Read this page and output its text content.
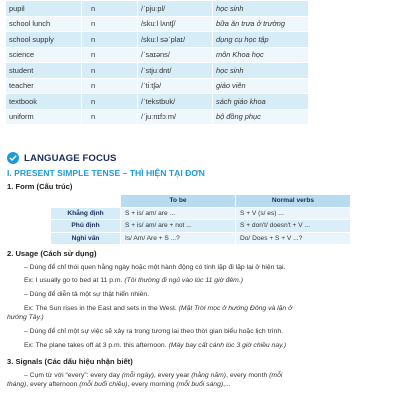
pupil	n	/ˈpjuːpl/	học sinh
school lunch	n	/skuːl lʌntʃ/	bữa ăn trưa ở trường
school supply	n	/skuːl səˈplaɪ/	dụng cụ học tập
science	n	/ˈsaɪəns/	môn Khoa học
student	n	/ˈstjuːdnt/	học sinh
teacher	n	/ˈtiːtʃə/	giáo viên
textbook	n	/ˈtekstbʊk/	sách giáo khoa
uniform	n	/ˈjuːnɪfɔːm/	bộ đồng phục
LANGUAGE FOCUS
I. PRESENT SIMPLE TENSE – THÌ HIỆN TẠI ĐƠN
1. Form (Cấu trúc)
	To be	Normal verbs
Khẳng định	S + is/ am/ are ...	S + V (s/ es) ...
Phủ định	S + is/ am/ are + not ...	S + don't/ doesn't + V ...
Nghi vấn	Is/ Am/ Are + S ...?	Do/ Does + S + V ...?
2. Usage (Cách sử dụng)
– Dùng để chỉ thói quen hằng ngày hoặc một hành động có tính lặp đi lặp lại ở hiện tại.
Ex: I usually go to bed at 11 p.m. (Tôi thường đi ngủ vào lúc 11 giờ đêm.)
– Dùng để diễn tả một sự thật hiển nhiên.
Ex: The Sun rises in the East and sets in the West. (Mặt Trời mọc ở hướng Đông và lặn ở
hướng Tây.)
– Dùng để chỉ một sự việc sẽ xảy ra trong tương lai theo thời gian biểu hoặc lịch trình.
Ex: The plane takes off at 3 p.m. this afternoon. (Máy bay cất cánh lúc 3 giờ chiều nay.)
3. Signals (Các dấu hiệu nhận biết)
– Cụm từ với “every”: every day (mỗi ngày), every year (hằng năm), every month (mỗi
tháng), every afternoon (mỗi buổi chiều), every morning (mỗi buổi sáng),...
